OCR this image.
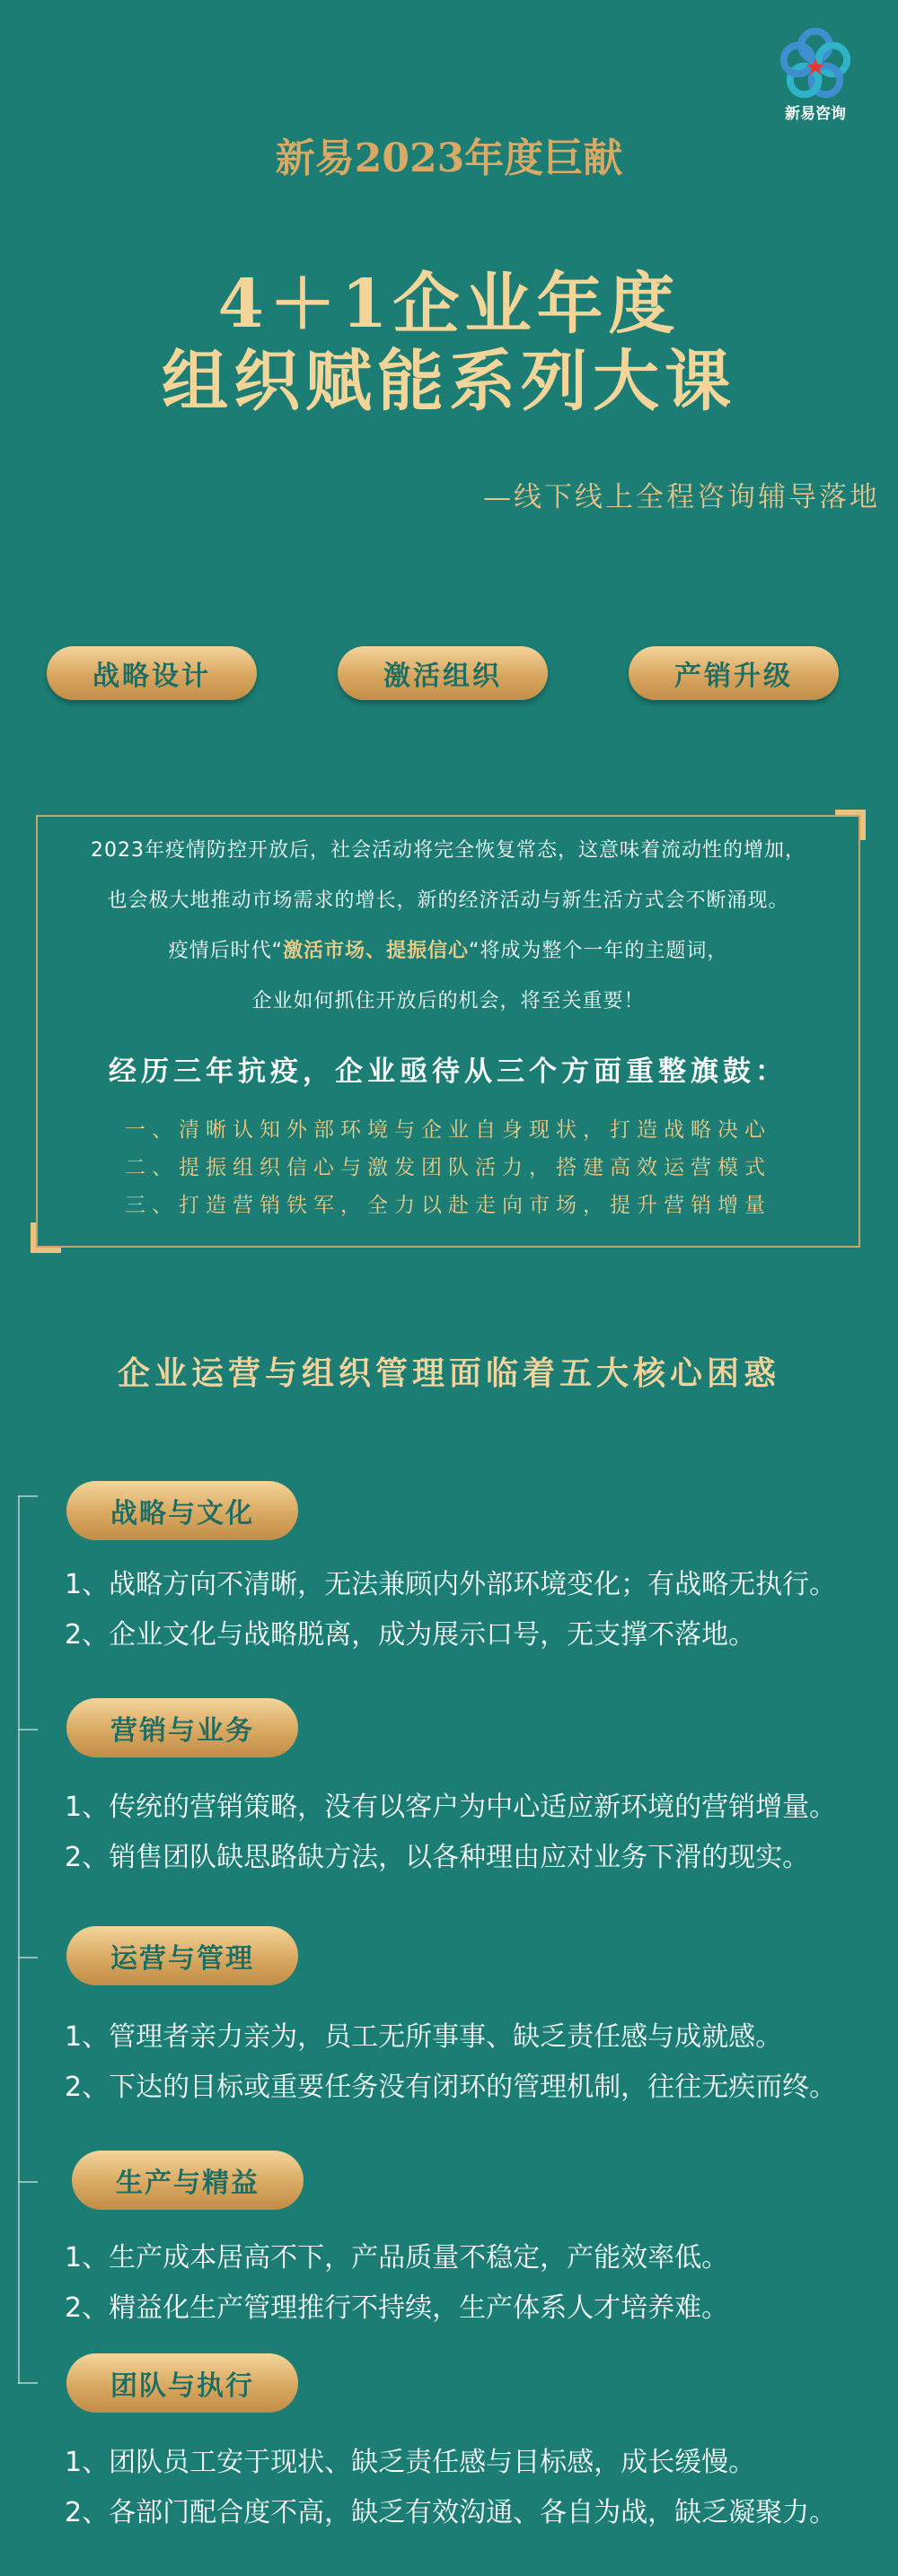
新易咨询
新易2023年度巨献
4＋1企业年度
组织赋能系列大课
—线下线上全程咨询辅导落地
战略设计	激活组织	产销升级
2023年疫情防控开放后，社会活动将完全恢复常态，这意味着流动性的增加，
也会极大地推动市场需求的增长，新的经济活动与新生活方式会不断涌现。
疫情后时代“激活市场、提振信心“将成为整个一年的主题词，
企业如何抓住开放后的机会，将至关重要！
经历三年抗疫，企业亟待从三个方面重整旗鼓：
一、清晰认知外部环境与企业自身现状，打造战略决心
二、提振组织信心与激发团队活力，搭建高效运营模式
三、打造营销铁军，全力以赴走向市场，提升营销增量
企业运营与组织管理面临着五大核心困惑
战略与文化
1、战略方向不清晰，无法兼顾内外部环境变化；有战略无执行。
2、企业文化与战略脱离，成为展示口号，无支撑不落地。
营销与业务
1、传统的营销策略，没有以客户为中心适应新环境的营销增量。
2、销售团队缺思路缺方法，以各种理由应对业务下滑的现实。
运营与管理
1、管理者亲力亲为，员工无所事事、缺乏责任感与成就感。
2、下达的目标或重要任务没有闭环的管理机制，往往无疾而终。
生产与精益
1、生产成本居高不下，产品质量不稳定，产能效率低。
2、精益化生产管理推行不持续，生产体系人才培养难。
团队与执行
1、团队员工安于现状、缺乏责任感与目标感，成长缓慢。
2、各部门配合度不高，缺乏有效沟通、各自为战，缺乏凝聚力。
